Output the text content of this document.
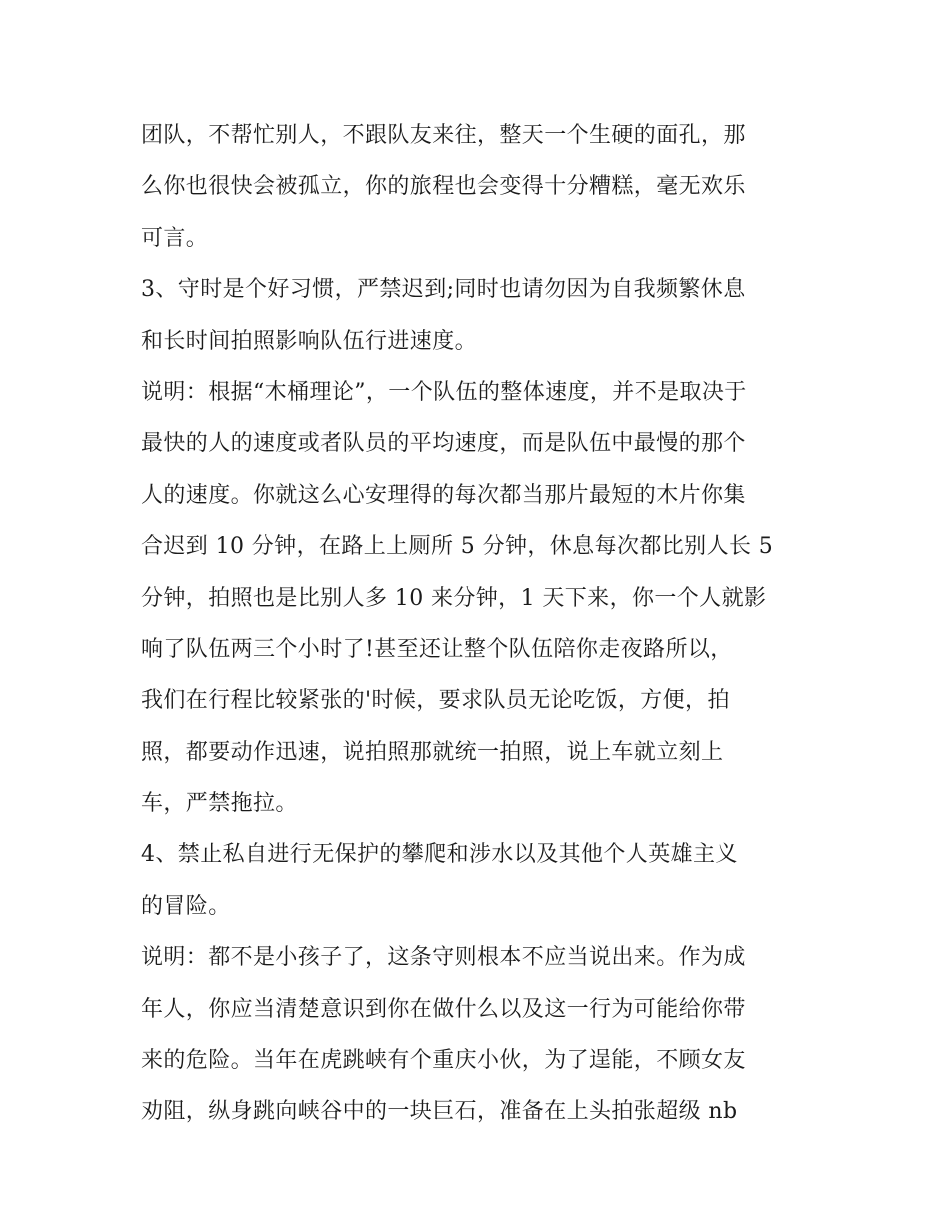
团队，不帮忙别人，不跟队友来往，整天一个生硬的面孔，那
么你也很快会被孤立，你的旅程也会变得十分糟糕，毫无欢乐
可言。
3、守时是个好习惯，严禁迟到;同时也请勿因为自我频繁休息
和长时间拍照影响队伍行进速度。
说明：根据“木桶理论”，一个队伍的整体速度，并不是取决于
最快的人的速度或者队员的平均速度，而是队伍中最慢的那个
人的速度。你就这么心安理得的每次都当那片最短的木片你集
合迟到 10 分钟，在路上上厕所 5 分钟，休息每次都比别人长 5
分钟，拍照也是比别人多 10 来分钟，1 天下来，你一个人就影
响了队伍两三个小时了!甚至还让整个队伍陪你走夜路所以，
我们在行程比较紧张的'时候，要求队员无论吃饭，方便，拍
照，都要动作迅速，说拍照那就统一拍照，说上车就立刻上
车，严禁拖拉。
4、禁止私自进行无保护的攀爬和涉水以及其他个人英雄主义
的冒险。
说明：都不是小孩子了，这条守则根本不应当说出来。作为成
年人，你应当清楚意识到你在做什么以及这一行为可能给你带
来的危险。当年在虎跳峡有个重庆小伙，为了逞能，不顾女友
劝阻，纵身跳向峡谷中的一块巨石，准备在上头拍张超级 nb
